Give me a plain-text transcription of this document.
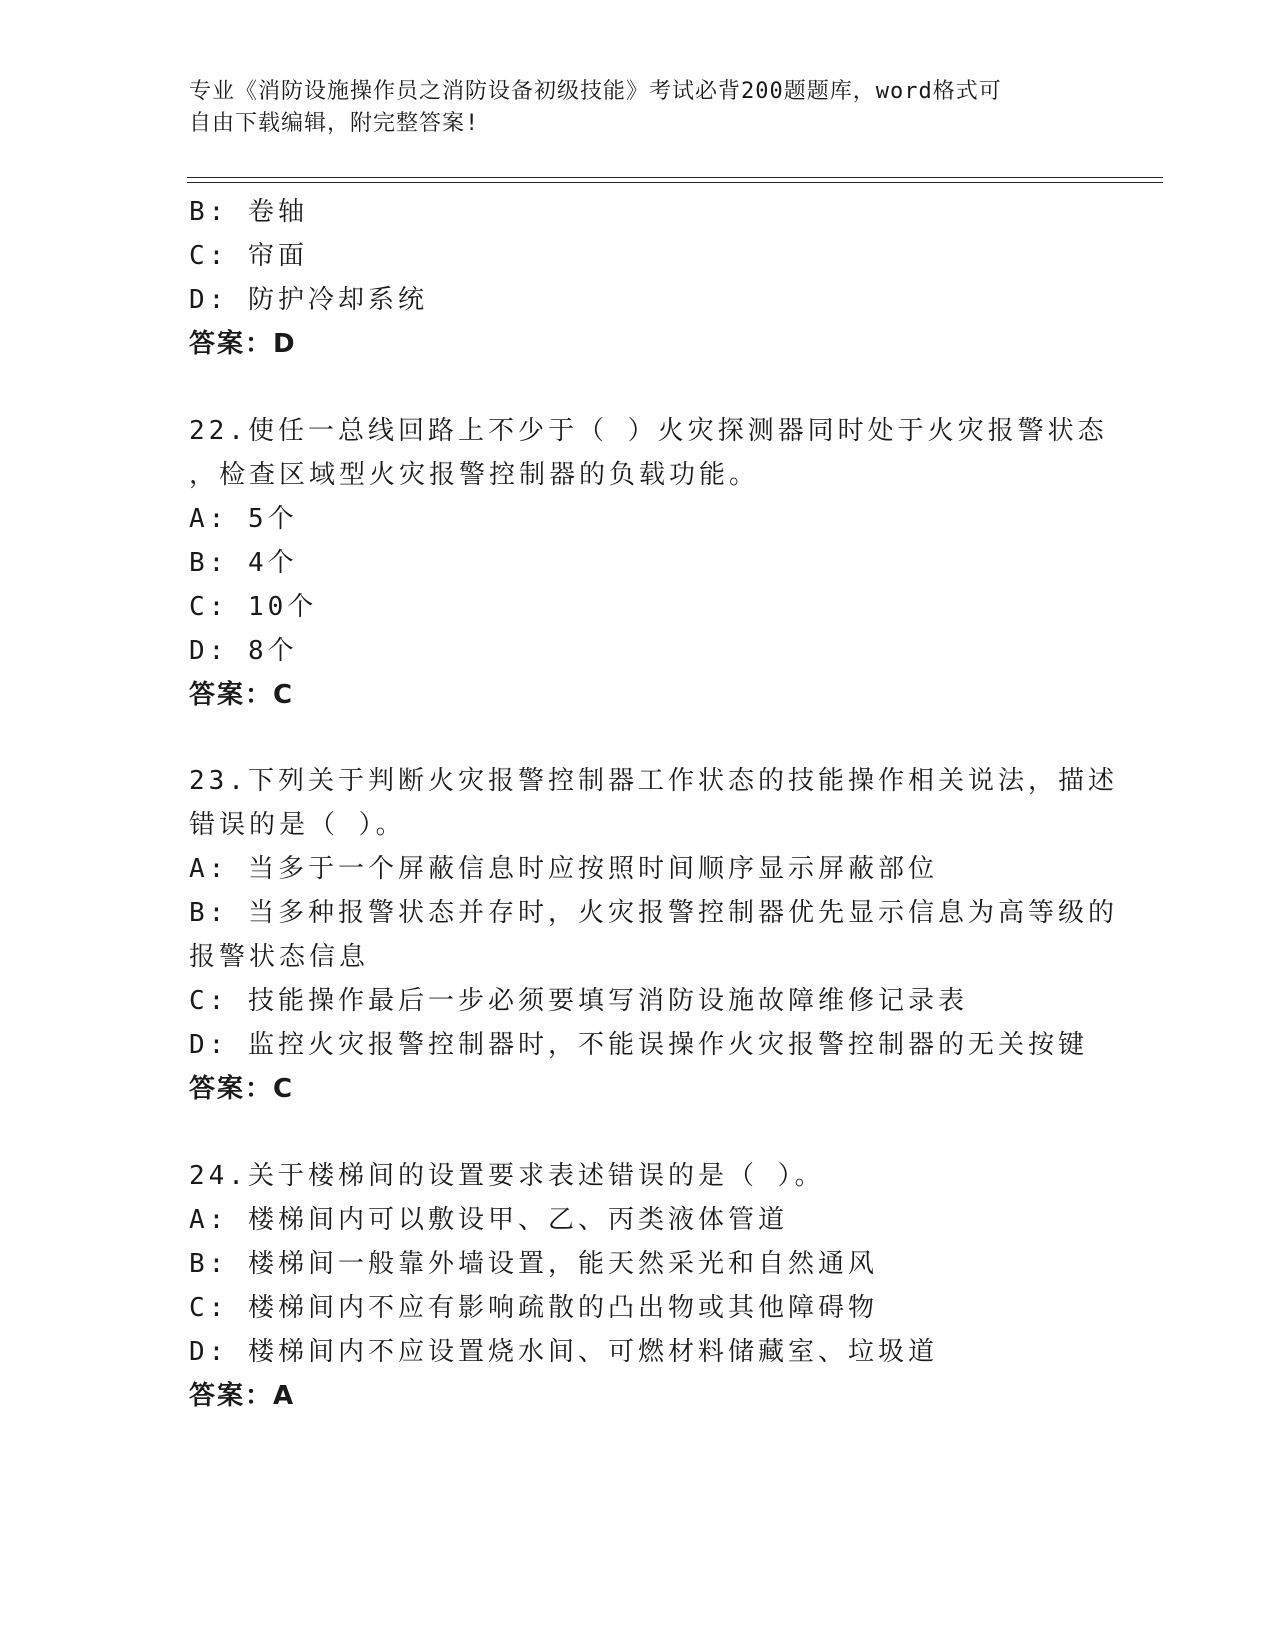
专业《消防设施操作员之消防设备初级技能》考试必背200题题库，word格式可
自由下载编辑，附完整答案!
B: 卷轴
C: 帘面
D: 防护冷却系统
答案：D
22.使任一总线回路上不少于（ ）火灾探测器同时处于火灾报警状态
，检查区域型火灾报警控制器的负载功能。
A: 5个
B: 4个
C: 10个
D: 8个
答案：C
23.下列关于判断火灾报警控制器工作状态的技能操作相关说法，描述
错误的是（ ）。
A: 当多于一个屏蔽信息时应按照时间顺序显示屏蔽部位
B: 当多种报警状态并存时，火灾报警控制器优先显示信息为高等级的
报警状态信息
C: 技能操作最后一步必须要填写消防设施故障维修记录表
D: 监控火灾报警控制器时，不能误操作火灾报警控制器的无关按键
答案：C
24.关于楼梯间的设置要求表述错误的是（ ）。
A: 楼梯间内可以敷设甲、乙、丙类液体管道
B: 楼梯间一般靠外墙设置，能天然采光和自然通风
C: 楼梯间内不应有影响疏散的凸出物或其他障碍物
D: 楼梯间内不应设置烧水间、可燃材料储藏室、垃圾道
答案：A
